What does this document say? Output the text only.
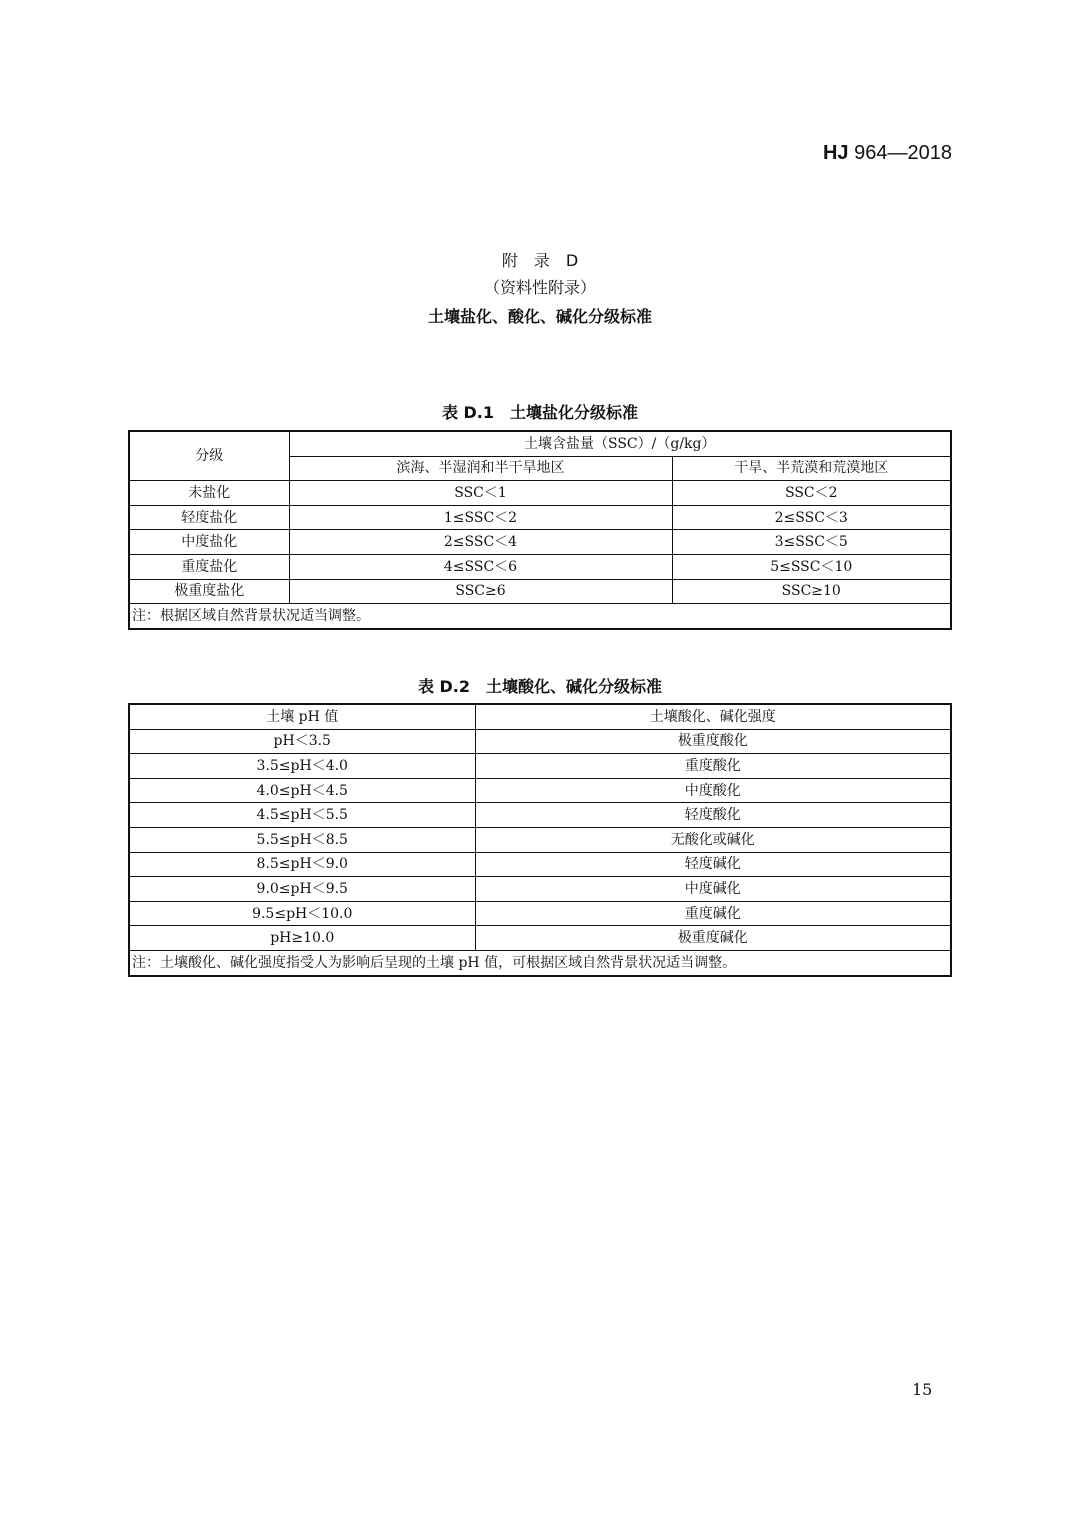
HJ 964—2018
附　录　D
（资料性附录）
土壤盐化、酸化、碱化分级标准
表 D.1　土壤盐化分级标准
分级	土壤含盐量（SSC）/（g/kg）	
	滨海、半湿润和半干旱地区	干旱、半荒漠和荒漠地区
未盐化	SSC＜1	SSC＜2
轻度盐化	1≤SSC＜2	2≤SSC＜3
中度盐化	2≤SSC＜4	3≤SSC＜5
重度盐化	4≤SSC＜6	5≤SSC＜10
极重度盐化	SSC≥6	SSC≥10
注：根据区域自然背景状况适当调整。		
表 D.2　土壤酸化、碱化分级标准
土壤 pH 值	土壤酸化、碱化强度
pH＜3.5	极重度酸化
3.5≤pH＜4.0	重度酸化
4.0≤pH＜4.5	中度酸化
4.5≤pH＜5.5	轻度酸化
5.5≤pH＜8.5	无酸化或碱化
8.5≤pH＜9.0	轻度碱化
9.0≤pH＜9.5	中度碱化
9.5≤pH＜10.0	重度碱化
pH≥10.0	极重度碱化
注：土壤酸化、碱化强度指受人为影响后呈现的土壤 pH 值，可根据区域自然背景状况适当调整。	
15
